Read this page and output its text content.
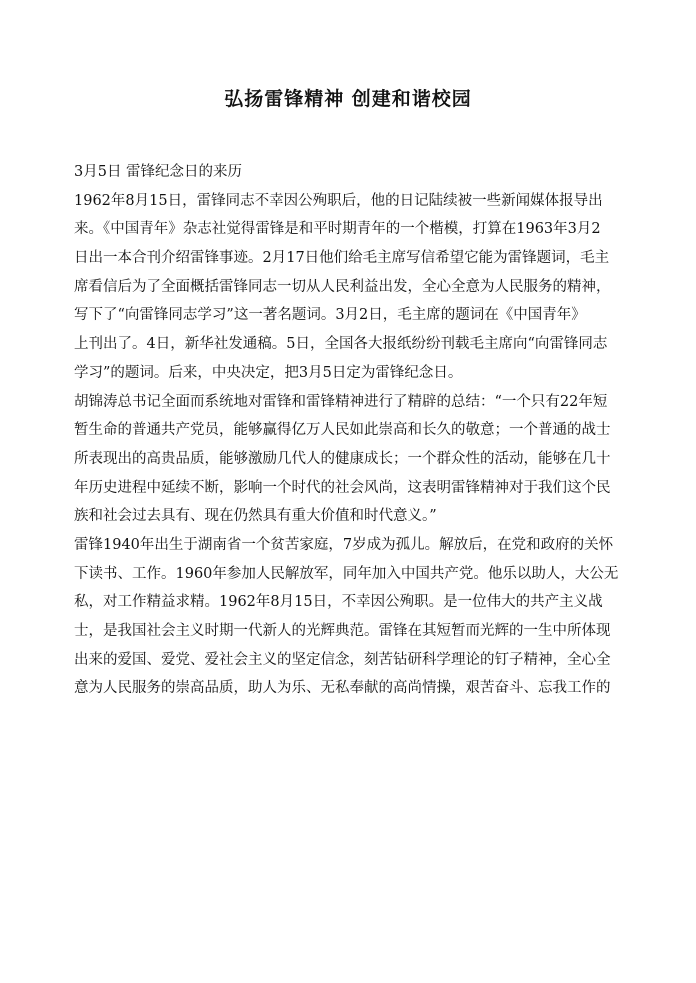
弘扬雷锋精神 创建和谐校园
3月5日 雷锋纪念日的来历
1962年8月15日，雷锋同志不幸因公殉职后，他的日记陆续被一些新闻媒体报导出
来。《中国青年》杂志社觉得雷锋是和平时期青年的一个楷模，打算在1963年3月2
日出一本合刊介绍雷锋事迹。2月17日他们给毛主席写信希望它能为雷锋题词，毛主
席看信后为了全面概括雷锋同志一切从人民利益出发，全心全意为人民服务的精神，
写下了“向雷锋同志学习”这一著名题词。3月2日，毛主席的题词在《中国青年》
上刊出了。4日，新华社发通稿。5日，全国各大报纸纷纷刊载毛主席向“向雷锋同志
学习”的题词。后来，中央决定，把3月5日定为雷锋纪念日。
胡锦涛总书记全面而系统地对雷锋和雷锋精神进行了精辟的总结：“一个只有22年短
暂生命的普通共产党员，能够赢得亿万人民如此崇高和长久的敬意；一个普通的战士
所表现出的高贵品质，能够激励几代人的健康成长；一个群众性的活动，能够在几十
年历史进程中延续不断，影响一个时代的社会风尚，这表明雷锋精神对于我们这个民
族和社会过去具有、现在仍然具有重大价值和时代意义。”
雷锋1940年出生于湖南省一个贫苦家庭，7岁成为孤儿。解放后，在党和政府的关怀
下读书、工作。1960年参加人民解放军，同年加入中国共产党。他乐以助人，大公无
私，对工作精益求精。1962年8月15日，不幸因公殉职。是一位伟大的共产主义战
士，是我国社会主义时期一代新人的光辉典范。雷锋在其短暂而光辉的一生中所体现
出来的爱国、爱党、爱社会主义的坚定信念，刻苦钻研科学理论的钉子精神，全心全
意为人民服务的崇高品质，助人为乐、无私奉献的高尚情操，艰苦奋斗、忘我工作的
